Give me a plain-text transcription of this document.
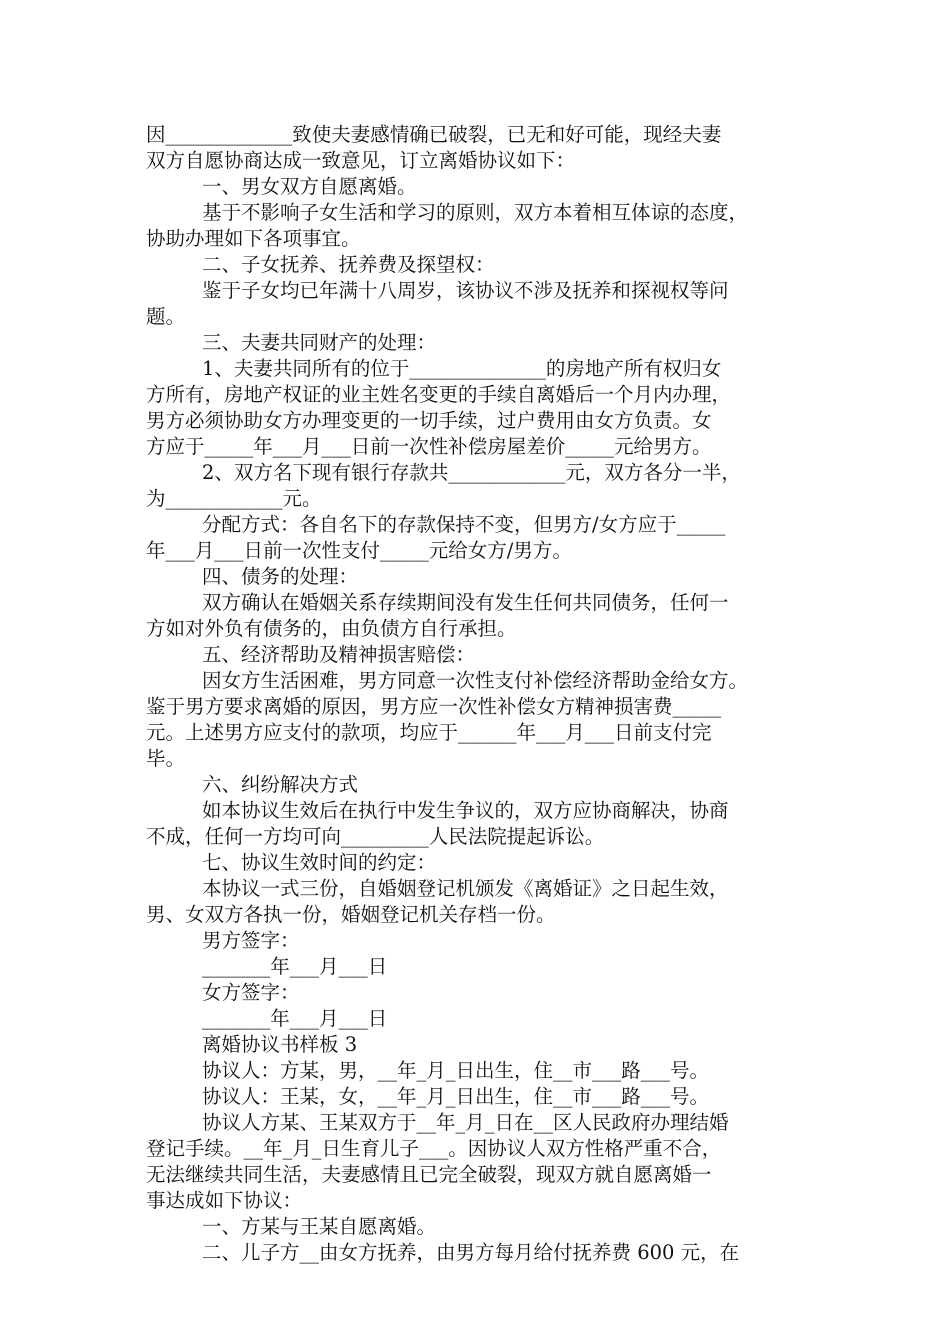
因_____________致使夫妻感情确已破裂，已无和好可能，现经夫妻
双方自愿协商达成一致意见，订立离婚协议如下：
一、男女双方自愿离婚。
基于不影响子女生活和学习的原则，双方本着相互体谅的态度，
协助办理如下各项事宜。
二、子女抚养、抚养费及探望权：
鉴于子女均已年满十八周岁，该协议不涉及抚养和探视权等问
题。
三、夫妻共同财产的处理：
1、夫妻共同所有的位于______________的房地产所有权归女
方所有，房地产权证的业主姓名变更的手续自离婚后一个月内办理，
男方必须协助女方办理变更的一切手续，过户费用由女方负责。女
方应于_____年___月___日前一次性补偿房屋差价_____元给男方。
2、双方名下现有银行存款共____________元，双方各分一半，
为____________元。
分配方式：各自名下的存款保持不变，但男方/女方应于_____
年___月___日前一次性支付_____元给女方/男方。
四、债务的处理：
双方确认在婚姻关系存续期间没有发生任何共同债务，任何一
方如对外负有债务的，由负债方自行承担。
五、经济帮助及精神损害赔偿：
因女方生活困难，男方同意一次性支付补偿经济帮助金给女方。
鉴于男方要求离婚的原因，男方应一次性补偿女方精神损害费_____
元。上述男方应支付的款项，均应于______年___月___日前支付完
毕。
六、纠纷解决方式
如本协议生效后在执行中发生争议的，双方应协商解决，协商
不成，任何一方均可向_________人民法院提起诉讼。
七、协议生效时间的约定：
本协议一式三份，自婚姻登记机颁发《离婚证》之日起生效，
男、女双方各执一份，婚姻登记机关存档一份。
男方签字：
_______年___月___日
女方签字：
_______年___月___日
离婚协议书样板 3
协议人：方某，男，__年_月_日出生，住__市___路___号。
协议人：王某，女，__年_月_日出生，住__市___路___号。
协议人方某、王某双方于__年_月_日在__区人民政府办理结婚
登记手续。__年_月_日生育儿子___。因协议人双方性格严重不合，
无法继续共同生活，夫妻感情且已完全破裂，现双方就自愿离婚一
事达成如下协议：
一、方某与王某自愿离婚。
二、儿子方__由女方抚养，由男方每月给付抚养费 600 元，在
